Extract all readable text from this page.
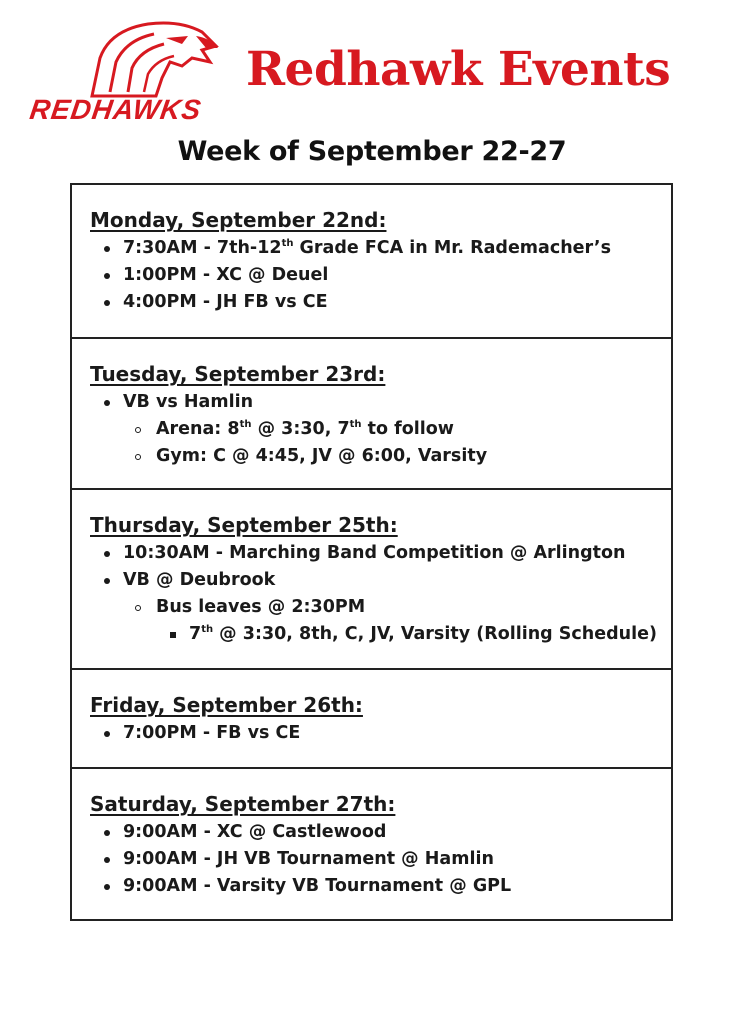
REDHAWKS
Redhawk Events
Week of September 22-27
Monday, September 22nd:
7:30AM - 7th-12th Grade FCA in Mr. Rademacher’s
1:00PM - XC @ Deuel
4:00PM - JH FB vs CE
Tuesday, September 23rd:
VB vs Hamlin
Arena: 8th @ 3:30, 7th to follow
Gym: C @ 4:45, JV @ 6:00, Varsity
Thursday, September 25th:
10:30AM - Marching Band Competition @ Arlington
VB @ Deubrook
Bus leaves @ 2:30PM
7th @ 3:30, 8th, C, JV, Varsity (Rolling Schedule)
Friday, September 26th:
7:00PM - FB vs CE
Saturday, September 27th:
9:00AM - XC @ Castlewood
9:00AM - JH VB Tournament @ Hamlin
9:00AM - Varsity VB Tournament @ GPL
